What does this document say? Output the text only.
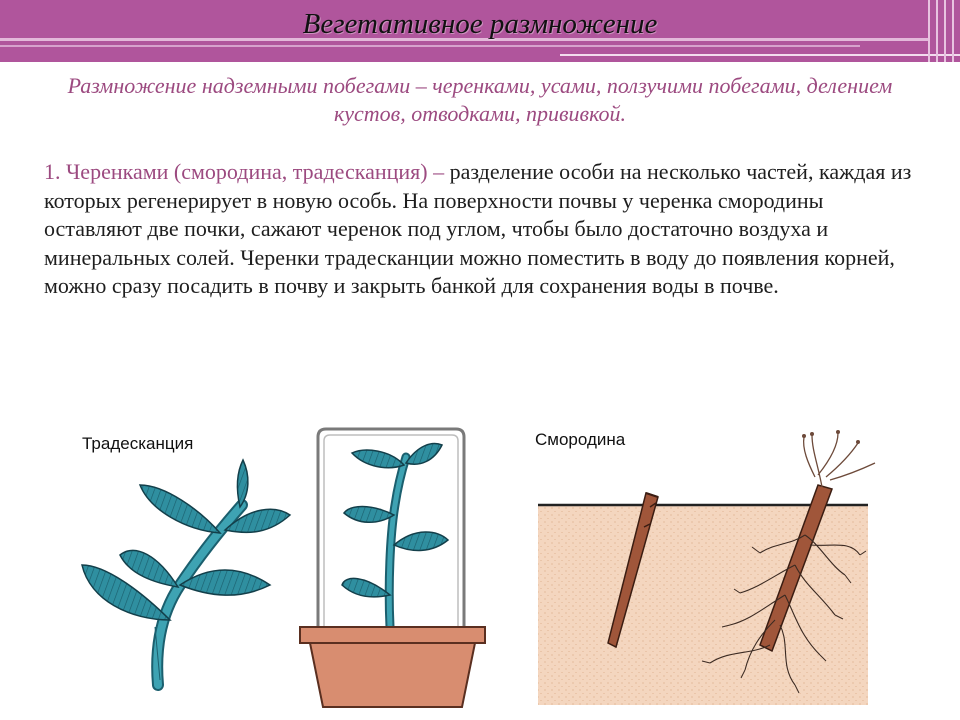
Вегетативное размножение
Размножение надземными побегами – черенками, усами, ползучими побегами, делением кустов, отводками, прививкой.
1. Черенками (смородина, традесканция) – разделение особи на несколько частей, каждая из которых регенерирует в новую особь. На поверхности почвы у черенка смородины оставляют две почки, сажают черенок под углом, чтобы было достаточно воздуха и минеральных солей. Черенки традесканции можно поместить в воду до появления корней, можно сразу посадить в почву и закрыть банкой для сохранения воды в почве.
Традесканция	Смородина
